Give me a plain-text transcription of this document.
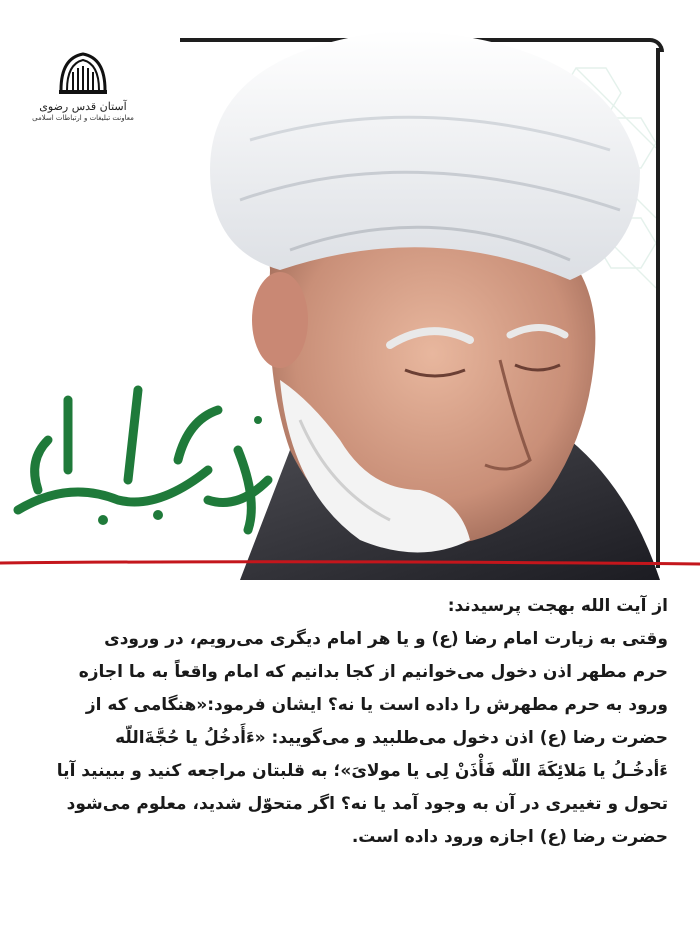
آستان قدس رضوی
معاونت تبلیغات و ارتباطات اسلامی

از آیت الله بهجت پرسیدند:

وقتی به زیارت امام رضا (ع) و یا هر امام دیگری می‌رویم، در ورودی

حرم مطهر اذن دخول می‌خوانیم از کجا بدانیم که امام واقعاً به ما اجازه

ورود به حرم مطهرش را داده است یا نه؟ ایشان فرمود:«هنگامی که از

حضرت رضا (ع) اذن دخول می‌طلبید و می‌گویید: «ءَأَدخُلُ یا حُجَّةَاللّه

ءَأدخُـلُ یا مَلائِکَةَ اللّه فَأْذَنْ لِی یا مولایَ»؛ به قلبتان مراجعه کنید و ببینید آیا

تحول و تغییری در آن به وجود آمد یا نه؟ اگر متحوّل شدید، معلوم می‌شود

حضرت رضا (ع) اجازه ورود داده است.
